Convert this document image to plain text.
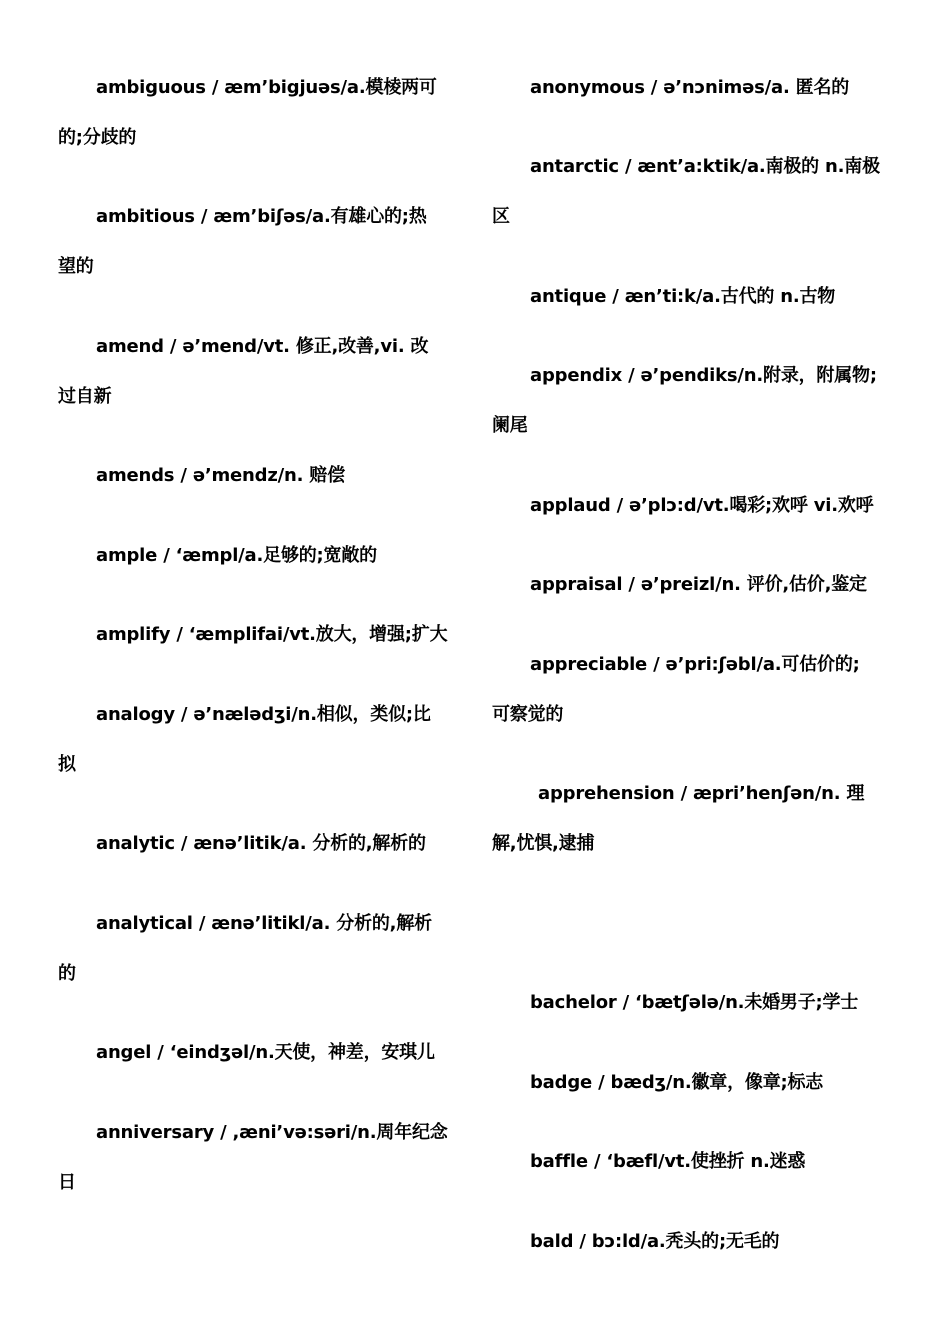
ambiguous / æm’bigjuəs/a.模棱两可
的;分歧的
ambitious / æm’biʃəs/a.有雄心的;热
望的
amend / ə’mend/vt. 修正,改善,vi. 改
过自新
amends / ə’mendz/n. 赔偿
ample / ‘æmpl/a.足够的;宽敞的
amplify / ‘æmplifai/vt.放大，增强;扩大
analogy / ə’nælədʒi/n.相似，类似;比
拟
analytic / ænə’litik/a. 分析的,解析的
analytical / ænə’litikl/a. 分析的,解析
的
angel / ‘eindʒəl/n.天使，神差，安琪儿
anniversary / ,æni’və:səri/n.周年纪念
日
anonymous / ə’nɔniməs/a. 匿名的
antarctic / ænt’a:ktik/a.南极的 n.南极
区
antique / æn’ti:k/a.古代的 n.古物
appendix / ə’pendiks/n.附录，附属物;
阑尾
applaud / ə’plɔ:d/vt.喝彩;欢呼 vi.欢呼
appraisal / ə’preizl/n. 评价,估价,鉴定
appreciable / ə’pri:ʃəbl/a.可估价的;
可察觉的
apprehension / æpri’henʃən/n. 理
解,忧惧,逮捕
bachelor / ‘bætʃələ/n.未婚男子;学士
badge / bædʒ/n.徽章，像章;标志
baffle / ‘bæfl/vt.使挫折 n.迷惑
bald / bɔ:ld/a.秃头的;无毛的
